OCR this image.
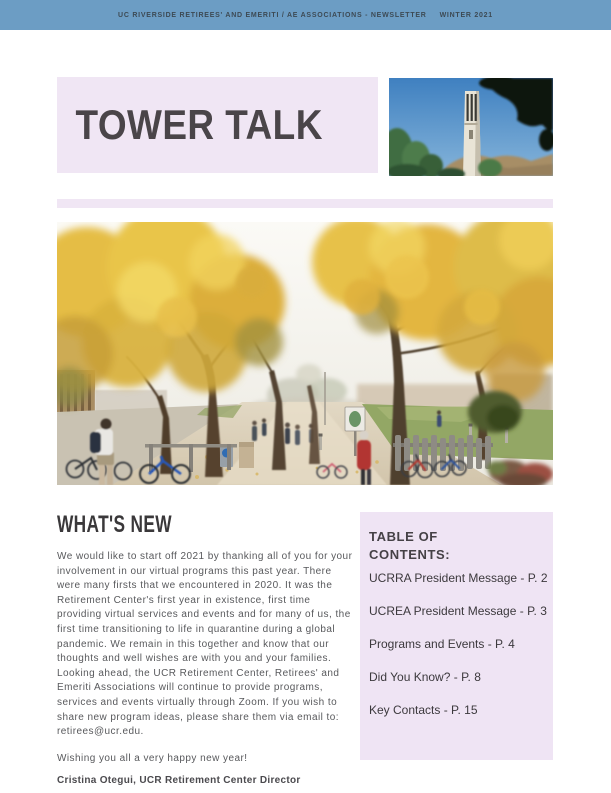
UC RIVERSIDE RETIREES' AND EMERITI / AE ASSOCIATIONS - NEWSLETTER WINTER 2021
TOWER TALK
WHAT'S NEW

We would like to start off 2021 by thanking all of you for your involvement in our virtual programs this past year. There were many firsts that we encountered in 2020. It was the Retirement Center's first year in existence, first time providing virtual services and events and for many of us, the first time transitioning to life in quarantine during a global pandemic. We remain in this together and know that our thoughts and well wishes are with you and your families. Looking ahead, the UCR Retirement Center, Retirees' and Emeriti Associations will continue to provide programs, services and events virtually through Zoom. If you wish to share new program ideas, please share them via email to: retirees@ucr.edu.

Wishing you all a very happy new year!

Cristina Otegui, UCR Retirement Center Director

TABLE OF CONTENTS:
UCRRA President Message - P. 2
UCREA President Message - P. 3
Programs and Events - P. 4
Did You Know? - P. 8
Key Contacts - P. 15
